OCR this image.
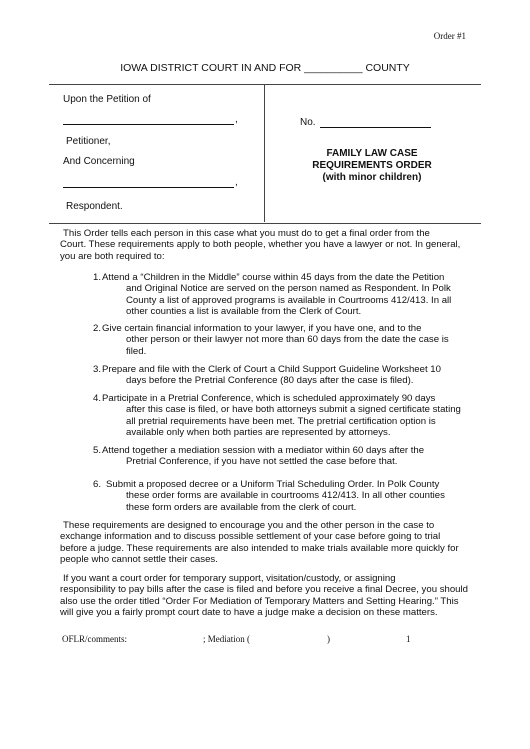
Order #1
IOWA DISTRICT COURT IN AND FOR __________ COUNTY
Upon the Petition of
,
Petitioner,
And Concerning
,
Respondent.
No.
FAMILY LAW CASE
REQUIREMENTS ORDER
(with minor children)
This Order tells each person in this case what you must do to get a final order from the
Court. These requirements apply to both people, whether you have a lawyer or not. In general,
you are both required to:
1. Attend a “Children in the Middle” course within 45 days from the date the Petition
and Original Notice are served on the person named as Respondent. In Polk
County a list of approved programs is available in Courtrooms 412/413. In all
other counties a list is available from the Clerk of Court.
2. Give certain financial information to your lawyer, if you have one, and to the
other person or their lawyer not more than 60 days from the date the case is
filed.
3. Prepare and file with the Clerk of Court a Child Support Guideline Worksheet 10
days before the Pretrial Conference (80 days after the case is filed).
4. Participate in a Pretrial Conference, which is scheduled approximately 90 days
after this case is filed, or have both attorneys submit a signed certificate stating
all pretrial requirements have been met. The pretrial certification option is
available only when both parties are represented by attorneys.
5. Attend together a mediation session with a mediator within 60 days after the
Pretrial Conference, if you have not settled the case before that.
6. Submit a proposed decree or a Uniform Trial Scheduling Order. In Polk County
these order forms are available in courtrooms 412/413. In all other counties
these form orders are available from the clerk of court.
These requirements are designed to encourage you and the other person in the case to
exchange information and to discuss possible settlement of your case before going to trial
before a judge. These requirements are also intended to make trials available more quickly for
people who cannot settle their cases.
If you want a court order for temporary support, visitation/custody, or assigning
responsibility to pay bills after the case is filed and before you receive a final Decree, you should
also use the order titled “Order For Mediation of Temporary Matters and Setting Hearing.” This
will give you a fairly prompt court date to have a judge make a decision on these matters.
OFLR/comments:	; Mediation (	)	1
